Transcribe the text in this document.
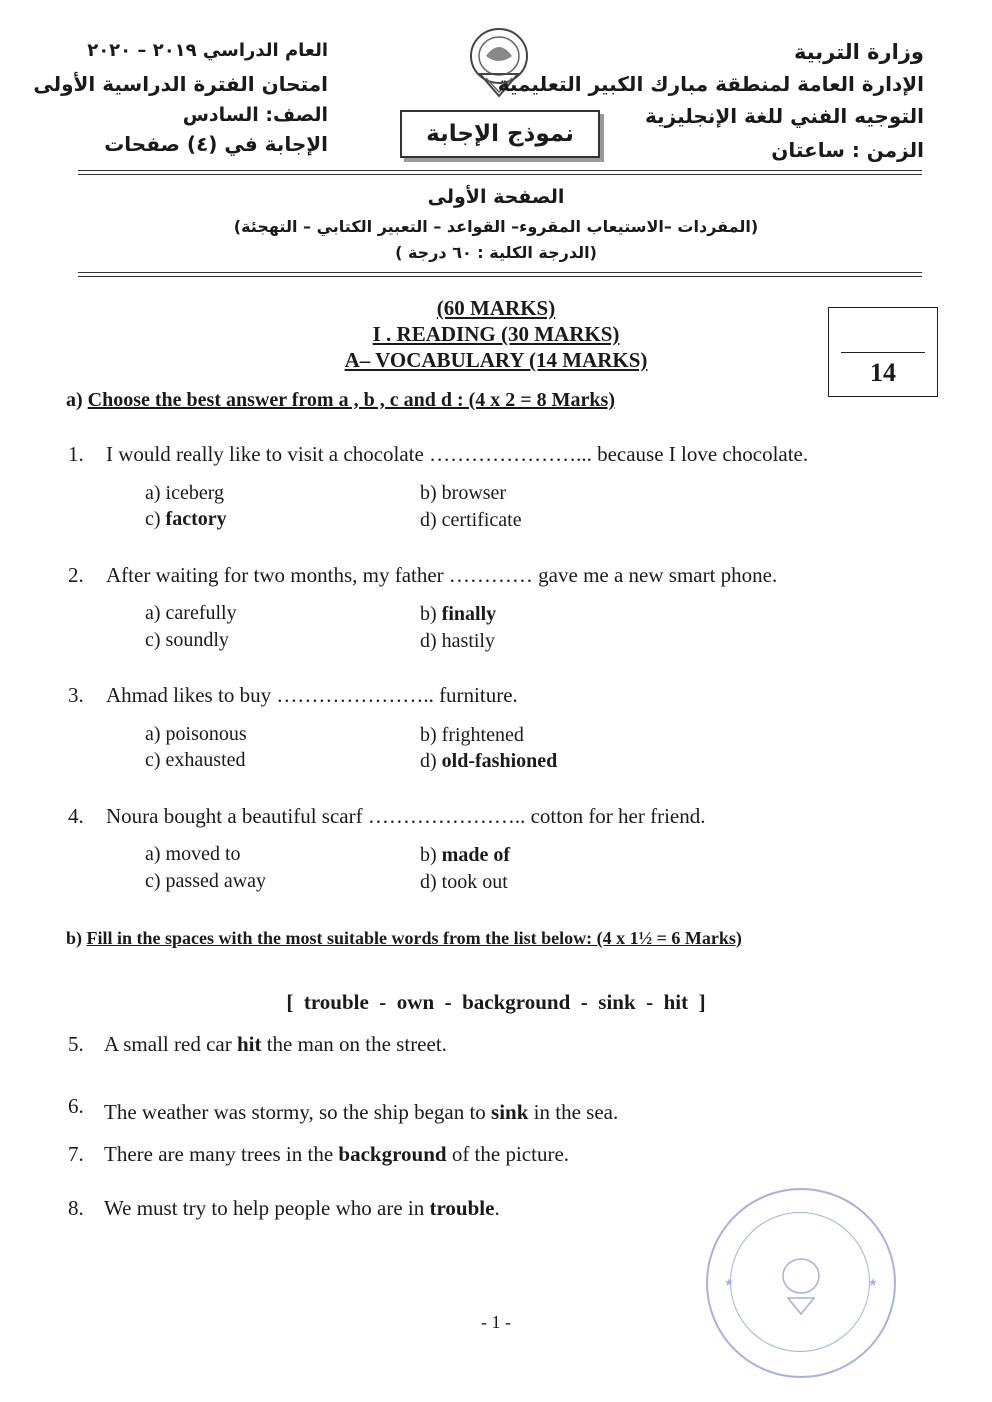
وزارة التربية
الإدارة العامة لمنطقة مبارك الكبير التعليمية
التوجيه الفني للغة الإنجليزية
الزمن : ساعتان
العام الدراسي ٢٠١٩ – ٢٠٢٠
امتحان الفترة الدراسية الأولى
الصف: السادس
الإجابة في (٤) صفحات	نموذج الإجابة
الصفحة الأولى
(المفردات –الاستيعاب المقروء– القواعد – التعبير الكتابي – التهجئة)
(الدرجة الكلية : ٦٠ درجة )
(60 MARKS)
I . READING (30 MARKS)
A– VOCABULARY (14 MARKS)	14
a) Choose the best answer from a , b , c and d : (4 x 2 = 8 Marks)
1. I would really like to visit a chocolate …………………... because I love chocolate.
a) iceberg	b) browser
c) factory	d) certificate
2. After waiting for two months, my father ………… gave me a new smart phone.
a) carefully	b) finally
c) soundly	d) hastily
3. Ahmad likes to buy ………………….. furniture.
a) poisonous	b) frightened
c) exhausted	d) old-fashioned
4. Noura bought a beautiful scarf ………………….. cotton for her friend.
a) moved to	b) made of
c) passed away	d) took out
b) Fill in the spaces with the most suitable words from the list below: (4 x 1½ = 6 Marks)
[  trouble  -  own  -  background  -  sink  -  hit  ]
5. A small red car hit the man on the street.
6. The weather was stormy, so the ship began to sink in the sea.
7. There are many trees in the background of the picture.
8. We must try to help people who are in trouble.
- 1 -
★	★
